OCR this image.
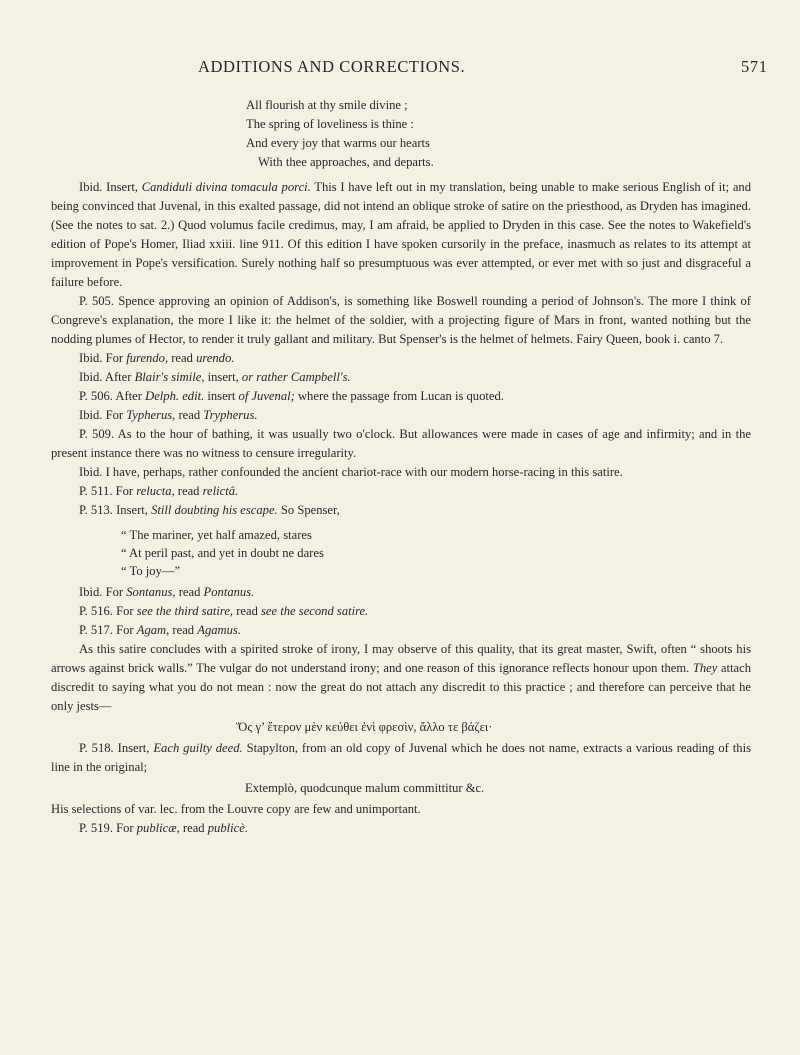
ADDITIONS AND CORRECTIONS.	571
All flourish at thy smile divine ;
The spring of loveliness is thine :
And every joy that warms our hearts
With thee approaches, and departs.

Ibid. Insert, Candiduli divina tomacula porci. This I have left out in my translation, being unable to make serious English of it; and being convinced that Juvenal, in this exalted passage, did not intend an oblique stroke of satire on the priesthood, as Dryden has imagined. (See the notes to sat. 2.) Quod volumus facile credimus, may, I am afraid, be applied to Dryden in this case. See the notes to Wakefield's edition of Pope's Homer, Iliad xxiii. line 911. Of this edition I have spoken cursorily in the preface, inasmuch as relates to its attempt at improvement in Pope's versification. Surely nothing half so presumptuous was ever attempted, or ever met with so just and disgraceful a failure before.

P. 505. Spence approving an opinion of Addison's, is something like Boswell rounding a period of Johnson's. The more I think of Congreve's explanation, the more I like it: the helmet of the soldier, with a projecting figure of Mars in front, wanted nothing but the nodding plumes of Hector, to render it truly gallant and military. But Spenser's is the helmet of helmets. Fairy Queen, book i. canto 7.

Ibid. For furendo, read urendo.

Ibid. After Blair's simile, insert, or rather Campbell's.

P. 506. After Delph. edit. insert of Juvenal; where the passage from Lucan is quoted.

Ibid. For Typherus, read Trypherus.

P. 509. As to the hour of bathing, it was usually two o'clock. But allowances were made in cases of age and infirmity; and in the present instance there was no witness to censure irregularity.

Ibid. I have, perhaps, rather confounded the ancient chariot-race with our modern horse-racing in this satire.

P. 511. For relucta, read relictâ.

P. 513. Insert, Still doubting his escape. So Spenser,

“ The mariner, yet half amazed, stares
“ At peril past, and yet in doubt ne dares
“ To joy—”

Ibid. For Sontanus, read Pontanus.

P. 516. For see the third satire, read see the second satire.

P. 517. For Agam, read Agamus.

As this satire concludes with a spirited stroke of irony, I may observe of this quality, that its great master, Swift, often “ shoots his arrows against brick walls.” The vulgar do not understand irony; and one reason of this ignorance reflects honour upon them. They attach discredit to saying what you do not mean : now the great do not attach any discredit to this practice ; and therefore can perceive that he only jests—

Ὅς γ’ ἕτερον μὲν κεύθει ἐνὶ φρεσὶν, ἄλλο τε βάζει·

P. 518. Insert, Each guilty deed. Stapylton, from an old copy of Juvenal which he does not name, extracts a various reading of this line in the original;

Extemplò, quodcunque malum committitur &c.

His selections of var. lec. from the Louvre copy are few and unimportant.

P. 519. For publicæ, read publicè.
